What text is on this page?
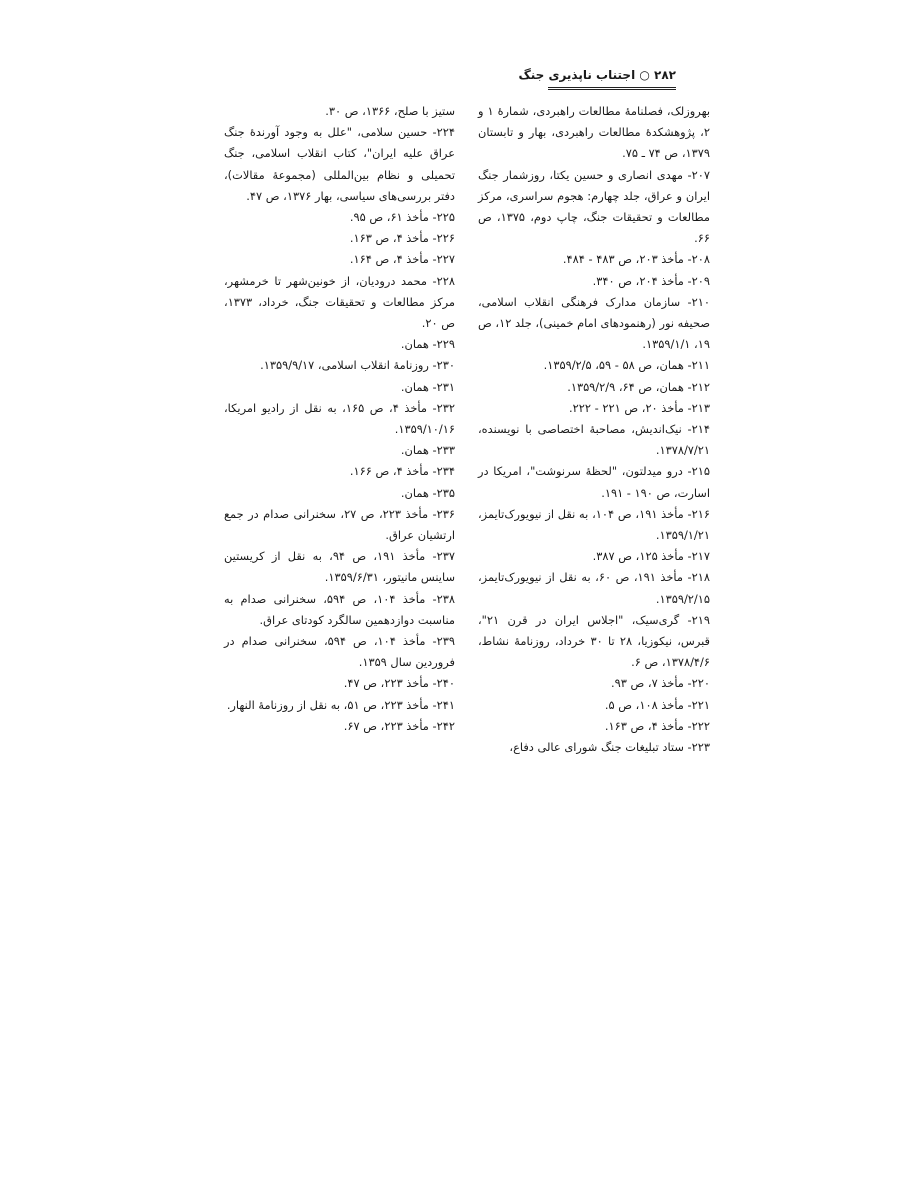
۲۸۲ ○ اجتناب ناپذیری جنگ
بهروزلک، فصلنامهٔ مطالعات راهبردی، شمارهٔ ۱ و ۲، پژوهشکدهٔ مطالعات راهبردی، بهار و تابستان ۱۳۷۹، ص ۷۴ ـ ۷۵.
۲۰۷- مهدی انصاری و حسین یکتا، روزشمار جنگ ایران و عراق، جلد چهارم: هجوم سراسری، مرکز مطالعات و تحقیقات جنگ، چاپ دوم، ۱۳۷۵، ص ۶۶.
۲۰۸- مأخذ ۲۰۳، ص ۴۸۳ - ۴۸۴.
۲۰۹- مأخذ ۲۰۴، ص ۳۴۰.
۲۱۰- سازمان مدارک فرهنگی انقلاب اسلامی، صحیفه نور (رهنمودهای امام خمینی)، جلد ۱۲، ص ۱۹، ۱۳۵۹/۱/۱.
۲۱۱- همان، ص ۵۸ - ۵۹، ۱۳۵۹/۲/۵.
۲۱۲- همان، ص ۶۴، ۱۳۵۹/۲/۹.
۲۱۳- مأخذ ۲۰، ص ۲۲۱ - ۲۲۲.
۲۱۴- نیک‌اندیش، مصاحبهٔ اختصاصی با نویسنده، ۱۳۷۸/۷/۲۱.
۲۱۵- درو میدلتون، "لحظهٔ سرنوشت"، امریکا در اسارت، ص ۱۹۰ - ۱۹۱.
۲۱۶- مأخذ ۱۹۱، ص ۱۰۴، به نقل از نیویورک‌تایمز، ۱۳۵۹/۱/۲۱.
۲۱۷- مأخذ ۱۲۵، ص ۳۸۷.
۲۱۸- مأخذ ۱۹۱، ص ۶۰، به نقل از نیویورک‌تایمز، ۱۳۵۹/۲/۱۵.
۲۱۹- گری‌سیک، "اجلاس ایران در قرن ۲۱"، قبرس، نیکوزیا، ۲۸ تا ۳۰ خرداد، روزنامهٔ نشاط، ۱۳۷۸/۴/۶، ص ۶.
۲۲۰- مأخذ ۷، ص ۹۳.
۲۲۱- مأخذ ۱۰۸، ص ۵.
۲۲۲- مأخذ ۴، ص ۱۶۳.
۲۲۳- ستاد تبلیغات جنگ شورای عالی دفاع،
ستیز با صلح، ۱۳۶۶، ص ۳۰.
۲۲۴- حسین سلامی، "علل به وجود آورندهٔ جنگ عراق علیه ایران"، کتاب انقلاب اسلامی، جنگ تحمیلی و نظام بین‌المللی (مجموعهٔ مقالات)، دفتر بررسی‌های سیاسی، بهار ۱۳۷۶، ص ۴۷.
۲۲۵- مأخذ ۶۱، ص ۹۵.
۲۲۶- مأخذ ۴، ص ۱۶۳.
۲۲۷- مأخذ ۴، ص ۱۶۴.
۲۲۸- محمد درودیان، از خونین‌شهر تا خرمشهر، مرکز مطالعات و تحقیقات جنگ، خرداد، ۱۳۷۳، ص ۲۰.
۲۲۹- همان.
۲۳۰- روزنامهٔ انقلاب اسلامی، ۱۳۵۹/۹/۱۷.
۲۳۱- همان.
۲۳۲- مأخذ ۴، ص ۱۶۵، به نقل از رادیو امریکا، ۱۳۵۹/۱۰/۱۶.
۲۳۳- همان.
۲۳۴- مأخذ ۴، ص ۱۶۶.
۲۳۵- همان.
۲۳۶- مأخذ ۲۲۳، ص ۲۷، سخنرانی صدام در جمع ارتشیان عراق.
۲۳۷- مأخذ ۱۹۱، ص ۹۴، به نقل از کریستین ساینس مانیتور، ۱۳۵۹/۶/۳۱.
۲۳۸- مأخذ ۱۰۴، ص ۵۹۴، سخنرانی صدام به مناسبت دوازدهمین سالگرد کودتای عراق.
۲۳۹- مأخذ ۱۰۴، ص ۵۹۴، سخنرانی صدام در فروردین سال ۱۳۵۹.
۲۴۰- مأخذ ۲۲۳، ص ۴۷.
۲۴۱- مأخذ ۲۲۳، ص ۵۱، به نقل از روزنامهٔ النهار.
۲۴۲- مأخذ ۲۲۳، ص ۶۷.
